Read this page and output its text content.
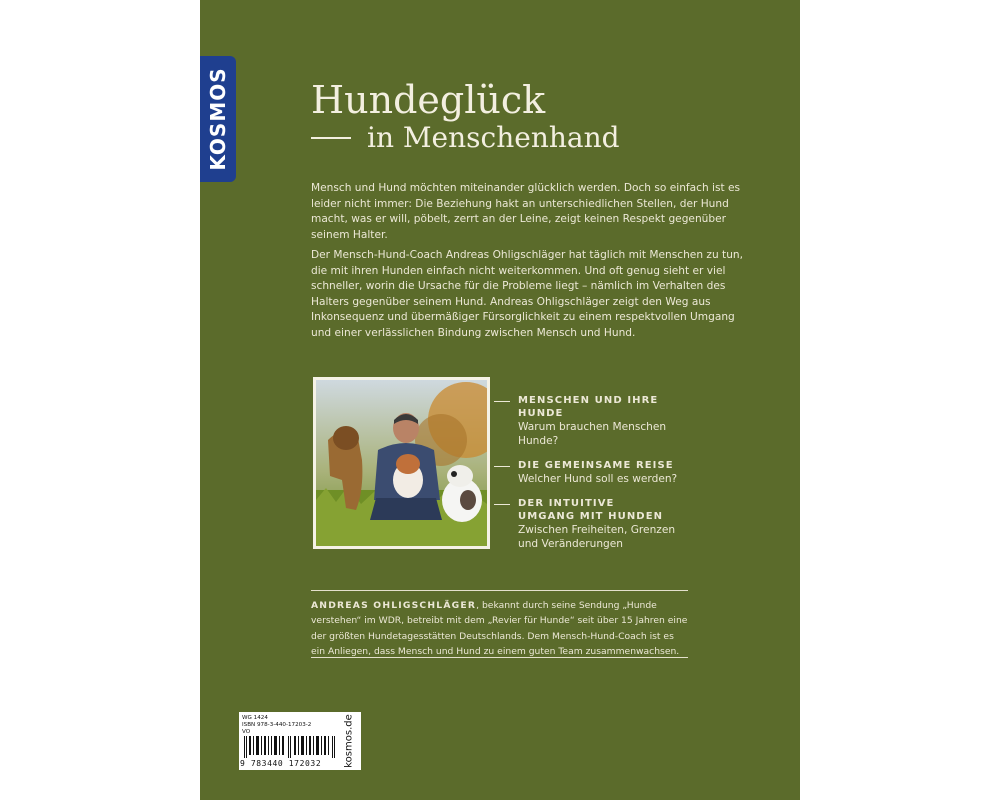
KOSMOS Hundeglück
in Menschenhand
Mensch und Hund möchten miteinander glücklich werden. Doch so einfach ist es leider nicht immer: Die Beziehung hakt an unterschiedlichen Stellen, der Hund macht, was er will, pöbelt, zerrt an der Leine, zeigt keinen Respekt gegenüber seinem Halter.
Der Mensch-Hund-Coach Andreas Ohligschläger hat täglich mit Menschen zu tun, die mit ihren Hunden einfach nicht weiterkommen. Und oft genug sieht er viel schneller, worin die Ursache für die Probleme liegt – nämlich im Verhalten des Halters gegenüber seinem Hund. Andreas Ohligschläger zeigt den Weg aus Inkonsequenz und übermäßiger Fürsorglichkeit zu einem respektvollen Umgang und einer verlässlichen Bindung zwischen Mensch und Hund.
MENSCHEN UND IHRE HUNDE
Warum brauchen Menschen Hunde?
DIE GEMEINSAME REISE
Welcher Hund soll es werden?
DER INTUITIVE UMGANG MIT HUNDEN
Zwischen Freiheiten, Grenzen und Veränderungen
ANDREAS OHLIGSCHLÄGER, bekannt durch seine Sendung „Hunde verstehen“ im WDR, betreibt mit dem „Revier für Hunde“ seit über 15 Jahren eine der größten Hundetagesstätten Deutschlands. Dem Mensch-Hund-Coach ist es ein Anliegen, dass Mensch und Hund zu einem guten Team zusammenwachsen.
WG 1424
ISBN 978-3-440-17203-2
VO
9 783440 172032	kosmos.de
